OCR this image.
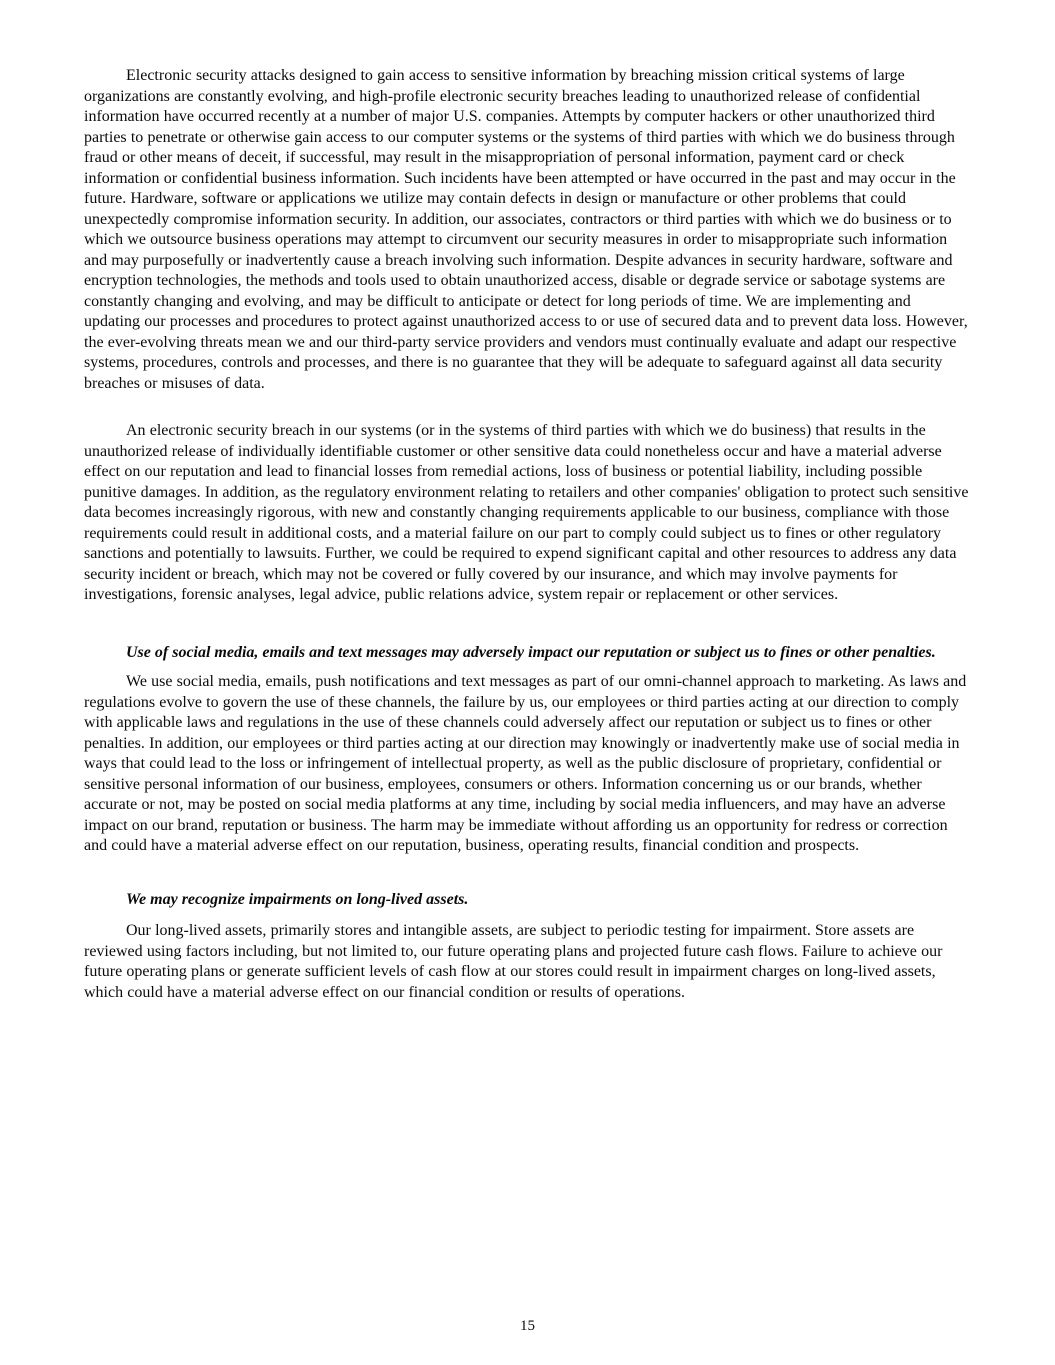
Electronic security attacks designed to gain access to sensitive information by breaching mission critical systems of large organizations are constantly evolving, and high-profile electronic security breaches leading to unauthorized release of confidential information have occurred recently at a number of major U.S. companies. Attempts by computer hackers or other unauthorized third parties to penetrate or otherwise gain access to our computer systems or the systems of third parties with which we do business through fraud or other means of deceit, if successful, may result in the misappropriation of personal information, payment card or check information or confidential business information. Such incidents have been attempted or have occurred in the past and may occur in the future. Hardware, software or applications we utilize may contain defects in design or manufacture or other problems that could unexpectedly compromise information security. In addition, our associates, contractors or third parties with which we do business or to which we outsource business operations may attempt to circumvent our security measures in order to misappropriate such information and may purposefully or inadvertently cause a breach involving such information. Despite advances in security hardware, software and encryption technologies, the methods and tools used to obtain unauthorized access, disable or degrade service or sabotage systems are constantly changing and evolving, and may be difficult to anticipate or detect for long periods of time. We are implementing and updating our processes and procedures to protect against unauthorized access to or use of secured data and to prevent data loss. However, the ever-evolving threats mean we and our third-party service providers and vendors must continually evaluate and adapt our respective systems, procedures, controls and processes, and there is no guarantee that they will be adequate to safeguard against all data security breaches or misuses of data.

An electronic security breach in our systems (or in the systems of third parties with which we do business) that results in the unauthorized release of individually identifiable customer or other sensitive data could nonetheless occur and have a material adverse effect on our reputation and lead to financial losses from remedial actions, loss of business or potential liability, including possible punitive damages. In addition, as the regulatory environment relating to retailers and other companies' obligation to protect such sensitive data becomes increasingly rigorous, with new and constantly changing requirements applicable to our business, compliance with those requirements could result in additional costs, and a material failure on our part to comply could subject us to fines or other regulatory sanctions and potentially to lawsuits. Further, we could be required to expend significant capital and other resources to address any data security incident or breach, which may not be covered or fully covered by our insurance, and which may involve payments for investigations, forensic analyses, legal advice, public relations advice, system repair or replacement or other services.

Use of social media, emails and text messages may adversely impact our reputation or subject us to fines or other penalties.

We use social media, emails, push notifications and text messages as part of our omni-channel approach to marketing. As laws and regulations evolve to govern the use of these channels, the failure by us, our employees or third parties acting at our direction to comply with applicable laws and regulations in the use of these channels could adversely affect our reputation or subject us to fines or other penalties. In addition, our employees or third parties acting at our direction may knowingly or inadvertently make use of social media in ways that could lead to the loss or infringement of intellectual property, as well as the public disclosure of proprietary, confidential or sensitive personal information of our business, employees, consumers or others. Information concerning us or our brands, whether accurate or not, may be posted on social media platforms at any time, including by social media influencers, and may have an adverse impact on our brand, reputation or business. The harm may be immediate without affording us an opportunity for redress or correction and could have a material adverse effect on our reputation, business, operating results, financial condition and prospects.

We may recognize impairments on long-lived assets.

Our long-lived assets, primarily stores and intangible assets, are subject to periodic testing for impairment. Store assets are reviewed using factors including, but not limited to, our future operating plans and projected future cash flows. Failure to achieve our future operating plans or generate sufficient levels of cash flow at our stores could result in impairment charges on long-lived assets, which could have a material adverse effect on our financial condition or results of operations.

15
